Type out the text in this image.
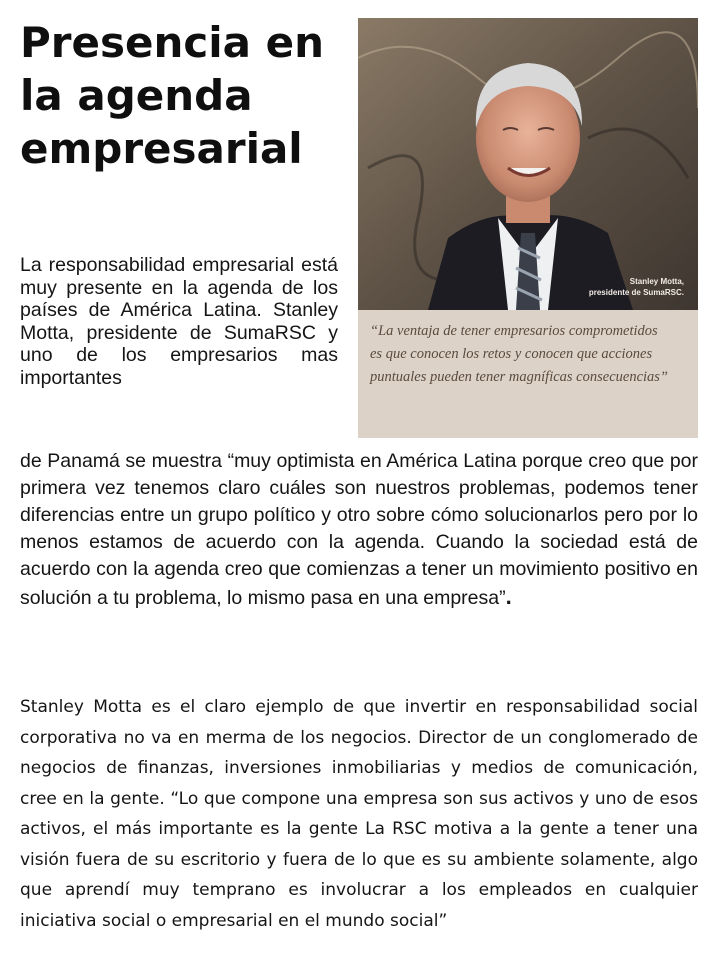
Presencia en la agenda empresarial
Stanley Motta,
presidente de SumaRSC.
“La ventaja de tener empresarios comprometidos es que conocen los retos y conocen que acciones puntuales pueden tener magníficas consecuencias”

La responsabilidad empresarial está muy presente en la agenda de los países de América Latina. Stanley Motta, presidente de SumaRSC y uno de los empresarios mas importantes

de Panamá se muestra “muy optimista en América Latina porque creo que por primera vez tenemos claro cuáles son nuestros problemas, podemos tener diferencias entre un grupo político y otro sobre cómo solucionarlos pero por lo menos estamos de acuerdo con la agenda. Cuando la sociedad está de acuerdo con la agenda creo que comienzas a tener un movimiento positivo en solución a tu problema, lo mismo pasa en una empresa”.

Stanley Motta es el claro ejemplo de que invertir en responsabilidad social corporativa no va en merma de los negocios. Director de un conglomerado de negocios de finanzas, inversiones inmobiliarias y medios de comunicación, cree en la gente. “Lo que compone una empresa son sus activos y uno de esos activos, el más importante es la gente La RSC motiva a la gente a tener una visión fuera de su escritorio y fuera de lo que es su ambiente solamente, algo que aprendí muy temprano es involucrar a los empleados en cualquier iniciativa social o empresarial en el mundo social”
